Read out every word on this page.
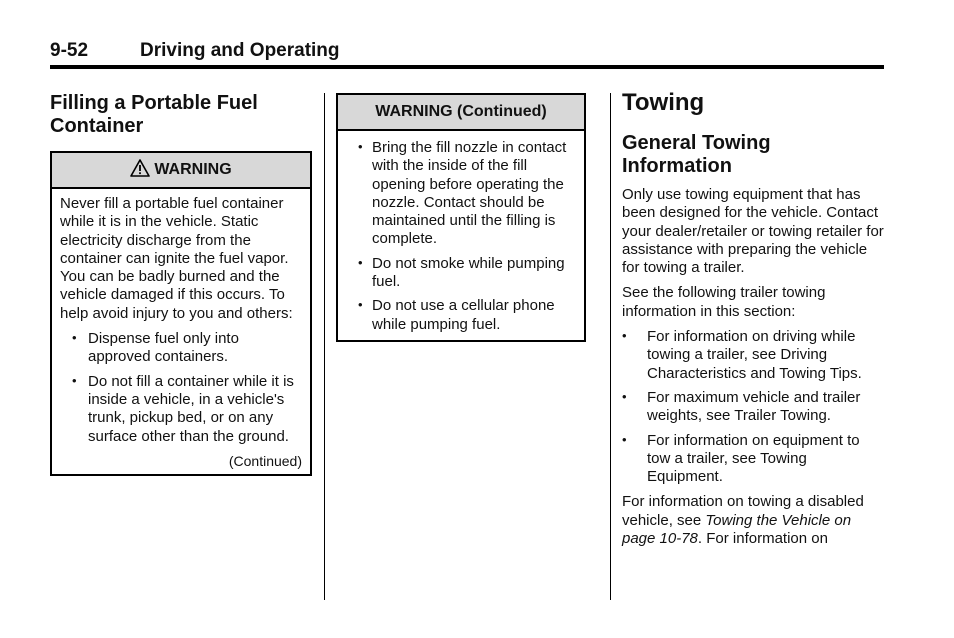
9-52	Driving and Operating
Filling a Portable Fuel Container
WARNING

Never fill a portable fuel container while it is in the vehicle. Static electricity discharge from the container can ignite the fuel vapor. You can be badly burned and the vehicle damaged if this occurs. To help avoid injury to you and others:

• Dispense fuel only into approved containers.
• Do not fill a container while it is inside a vehicle, in a vehicle's trunk, pickup bed, or on any surface other than the ground.
(Continued)
WARNING (Continued)
• Bring the fill nozzle in contact with the inside of the fill opening before operating the nozzle. Contact should be maintained until the filling is complete.
• Do not smoke while pumping fuel.
• Do not use a cellular phone while pumping fuel.
Towing
General Towing Information

Only use towing equipment that has been designed for the vehicle. Contact your dealer/retailer or towing retailer for assistance with preparing the vehicle for towing a trailer.

See the following trailer towing information in this section:

• For information on driving while towing a trailer, see Driving Characteristics and Towing Tips.
• For maximum vehicle and trailer weights, see Trailer Towing.
• For information on equipment to tow a trailer, see Towing Equipment.

For information on towing a disabled vehicle, see Towing the Vehicle on page 10-78. For information on
